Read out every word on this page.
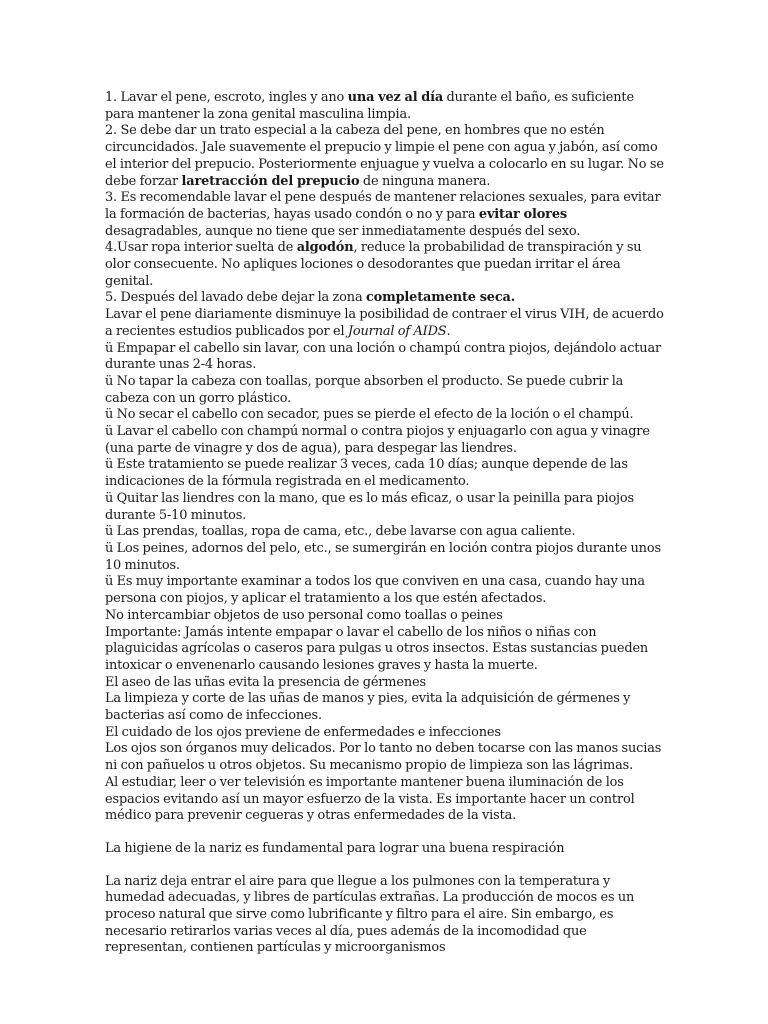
1. Lavar el pene, escroto, ingles y ano una vez al día durante el baño, es suficiente para mantener la zona genital masculina limpia.

2. Se debe dar un trato especial a la cabeza del pene, en hombres que no estén circuncidados. Jale suavemente el prepucio y limpie el pene con agua y jabón, así como el interior del prepucio. Posteriormente enjuague y vuelva a colocarlo en su lugar. No se debe forzar laretracción del prepucio de ninguna manera.

3. Es recomendable lavar el pene después de mantener relaciones sexuales, para evitar la formación de bacterias, hayas usado condón o no y para evitar olores desagradables, aunque no tiene que ser inmediatamente después del sexo.

4.Usar ropa interior suelta de algodón, reduce la probabilidad de transpiración y su olor consecuente. No apliques lociones o desodorantes que puedan irritar el área genital.

5. Después del lavado debe dejar la zona completamente seca.

Lavar el pene diariamente disminuye la posibilidad de contraer el virus VIH, de acuerdo a recientes estudios publicados por el Journal of AIDS.

ü Empapar el cabello sin lavar, con una loción o champú contra piojos, dejándolo actuar durante unas 2-4 horas.

ü No tapar la cabeza con toallas, porque absorben el producto. Se puede cubrir la cabeza con un gorro plástico.

ü No secar el cabello con secador, pues se pierde el efecto de la loción o el champú.

ü Lavar el cabello con champú normal o contra piojos y enjuagarlo con agua y vinagre (una parte de vinagre y dos de agua), para despegar las liendres.

ü Este tratamiento se puede realizar 3 veces, cada 10 días; aunque depende de las indicaciones de la fórmula registrada en el medicamento.

ü Quitar las liendres con la mano, que es lo más eficaz, o usar la peinilla para piojos durante 5-10 minutos.

ü Las prendas, toallas, ropa de cama, etc., debe lavarse con agua caliente.

ü Los peines, adornos del pelo, etc., se sumergirán en loción contra piojos durante unos 10 minutos.

ü Es muy importante examinar a todos los que conviven en una casa, cuando hay una persona con piojos, y aplicar el tratamiento a los que estén afectados.

No intercambiar objetos de uso personal como toallas o peines

Importante: Jamás intente empapar o lavar el cabello de los niños o niñas con plaguicidas agrícolas o caseros para pulgas u otros insectos. Estas sustancias pueden intoxicar o envenenarlo causando lesiones graves y hasta la muerte.

El aseo de las uñas evita la presencia de gérmenes

La limpieza y corte de las uñas de manos y pies, evita la adquisición de gérmenes y bacterias así como de infecciones.

El cuidado de los ojos previene de enfermedades e infecciones

Los ojos son órganos muy delicados. Por lo tanto no deben tocarse con las manos sucias ni con pañuelos u otros objetos. Su mecanismo propio de limpieza son las lágrimas.

Al estudiar, leer o ver televisión es importante mantener buena iluminación de los espacios evitando así un mayor esfuerzo de la vista. Es importante hacer un control médico para prevenir cegueras y otras enfermedades de la vista.

La higiene de la nariz es fundamental para lograr una buena respiración

La nariz deja entrar el aire para que llegue a los pulmones con la temperatura y humedad adecuadas, y libres de partículas extrañas. La producción de mocos es un proceso natural que sirve como lubrificante y filtro para el aire. Sin embargo, es necesario retirarlos varias veces al día, pues además de la incomodidad que representan, contienen partículas y microorganismos
